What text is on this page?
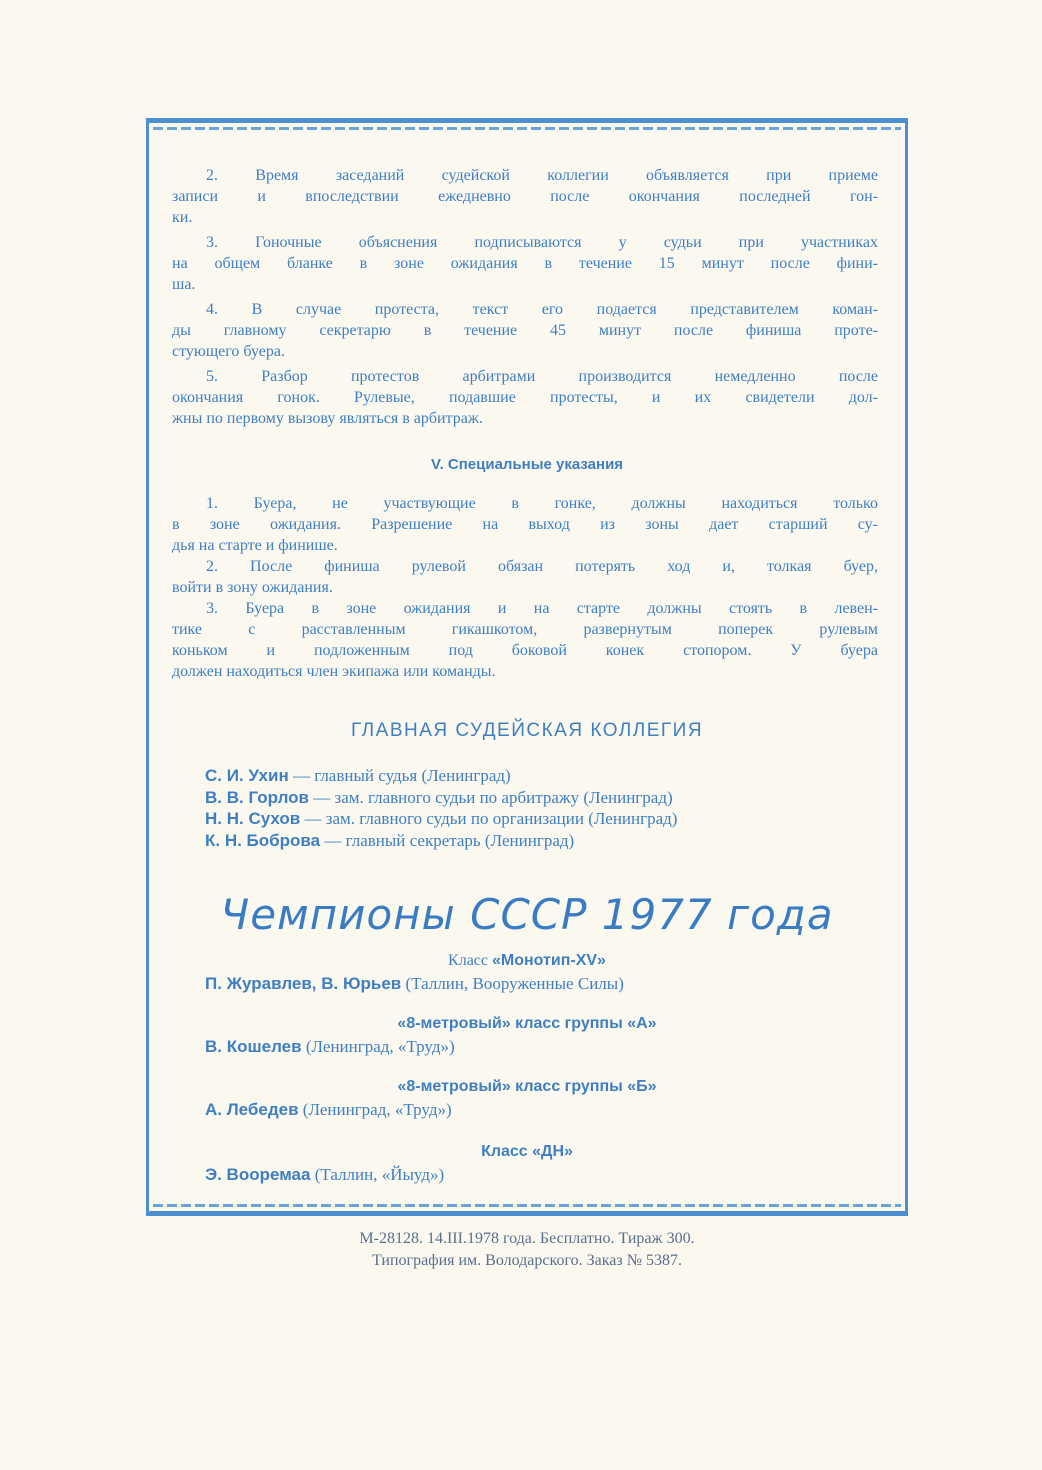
2. Время заседаний судейской коллегии объявляется при приеме
записи и впоследствии ежедневно после окончания последней гон-
ки.
3. Гоночные объяснения подписываются у судьи при участниках
на общем бланке в зоне ожидания в течение 15 минут после фини-
ша.
4. В случае протеста, текст его подается представителем коман-
ды главному секретарю в течение 45 минут после финиша проте-
стующего буера.
5. Разбор протестов арбитрами производится немедленно после
окончания гонок. Рулевые, подавшие протесты, и их свидетели дол-
жны по первому вызову являться в арбитраж.
V. Специальные указания
1. Буера, не участвующие в гонке, должны находиться только
в зоне ожидания. Разрешение на выход из зоны дает старший су-
дья на старте и финише.
2. После финиша рулевой обязан потерять ход и, толкая буер,
войти в зону ожидания.
3. Буера в зоне ожидания и на старте должны стоять в левен-
тике с расставленным гикашкотом, развернутым поперек рулевым
коньком и подложенным под боковой конек стопором. У буера
должен находиться член экипажа или команды.
ГЛАВНАЯ СУДЕЙСКАЯ КОЛЛЕГИЯ
С. И. Ухин — главный судья (Ленинград)
В. В. Горлов — зам. главного судьи по арбитражу (Ленинград)
Н. Н. Сухов — зам. главного судьи по организации (Ленинград)
К. Н. Боброва — главный секретарь (Ленинград)
Чемпионы СССР 1977 года
Класс «Монотип-XV»
П. Журавлев, В. Юрьев (Таллин, Вооруженные Силы)
«8-метровый» класс группы «А»
В. Кошелев (Ленинград, «Труд»)
«8-метровый» класс группы «Б»
А. Лебедев (Ленинград, «Труд»)
Класс «ДН»
Э. Booремаа (Таллин, «Йыуд»)
М-28128. 14.III.1978 года. Бесплатно. Тираж 300.
Типография им. Володарского. Заказ № 5387.
